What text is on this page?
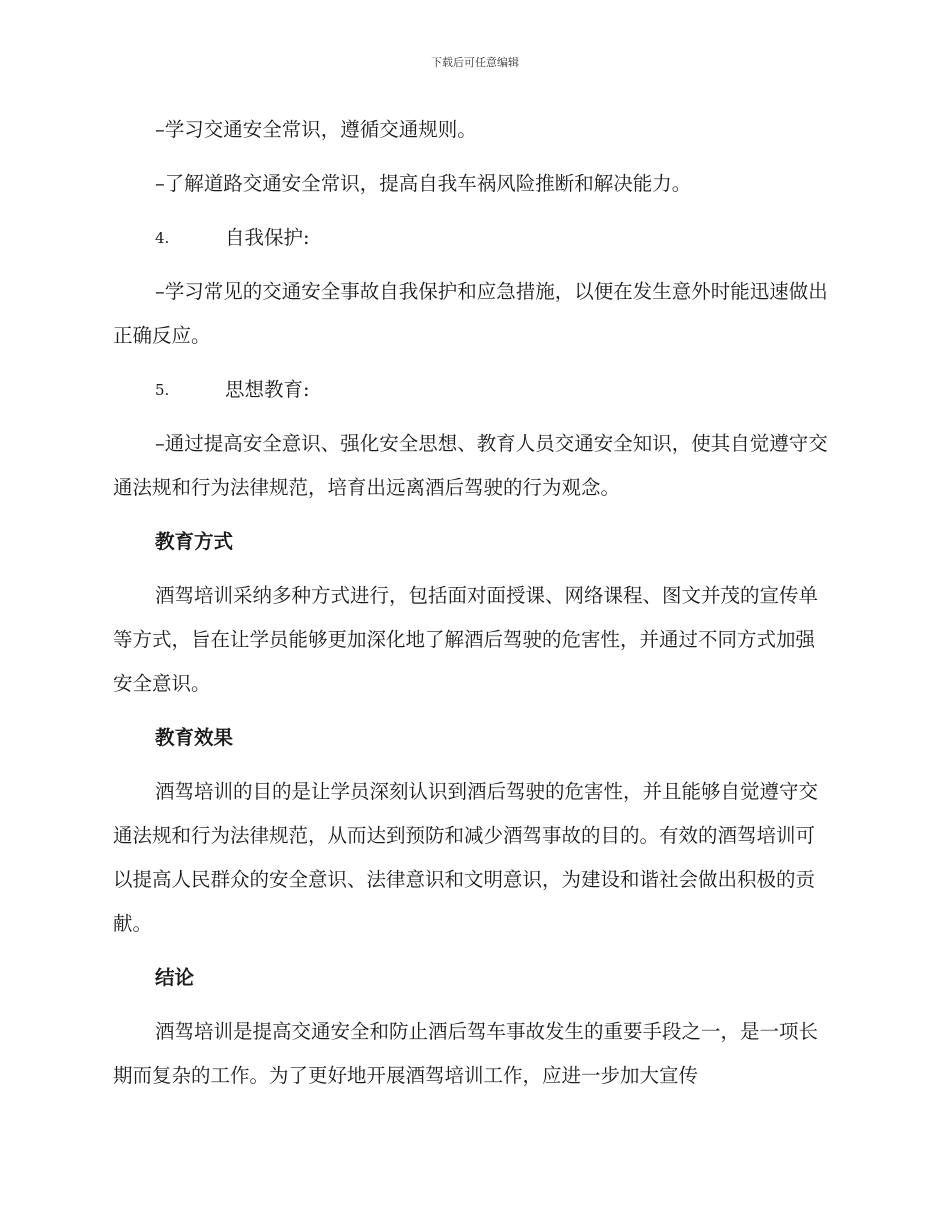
下载后可任意编辑

–学习交通安全常识，遵循交通规则。

–了解道路交通安全常识，提高自我车祸风险推断和解决能力。

4.	自我保护:

–学习常见的交通安全事故自我保护和应急措施，以便在发生意外时能迅速做出正确反应。

5.	思想教育:

–通过提高安全意识、强化安全思想、教育人员交通安全知识，使其自觉遵守交通法规和行为法律规范，培育出远离酒后驾驶的行为观念。

教育方式

酒驾培训采纳多种方式进行，包括面对面授课、网络课程、图文并茂的宣传单等方式，旨在让学员能够更加深化地了解酒后驾驶的危害性，并通过不同方式加强安全意识。

教育效果

酒驾培训的目的是让学员深刻认识到酒后驾驶的危害性，并且能够自觉遵守交通法规和行为法律规范，从而达到预防和减少酒驾事故的目的。有效的酒驾培训可以提高人民群众的安全意识、法律意识和文明意识，为建设和谐社会做出积极的贡献。

结论

酒驾培训是提高交通安全和防止酒后驾车事故发生的重要手段之一，是一项长期而复杂的工作。为了更好地开展酒驾培训工作，应进一步加大宣传
